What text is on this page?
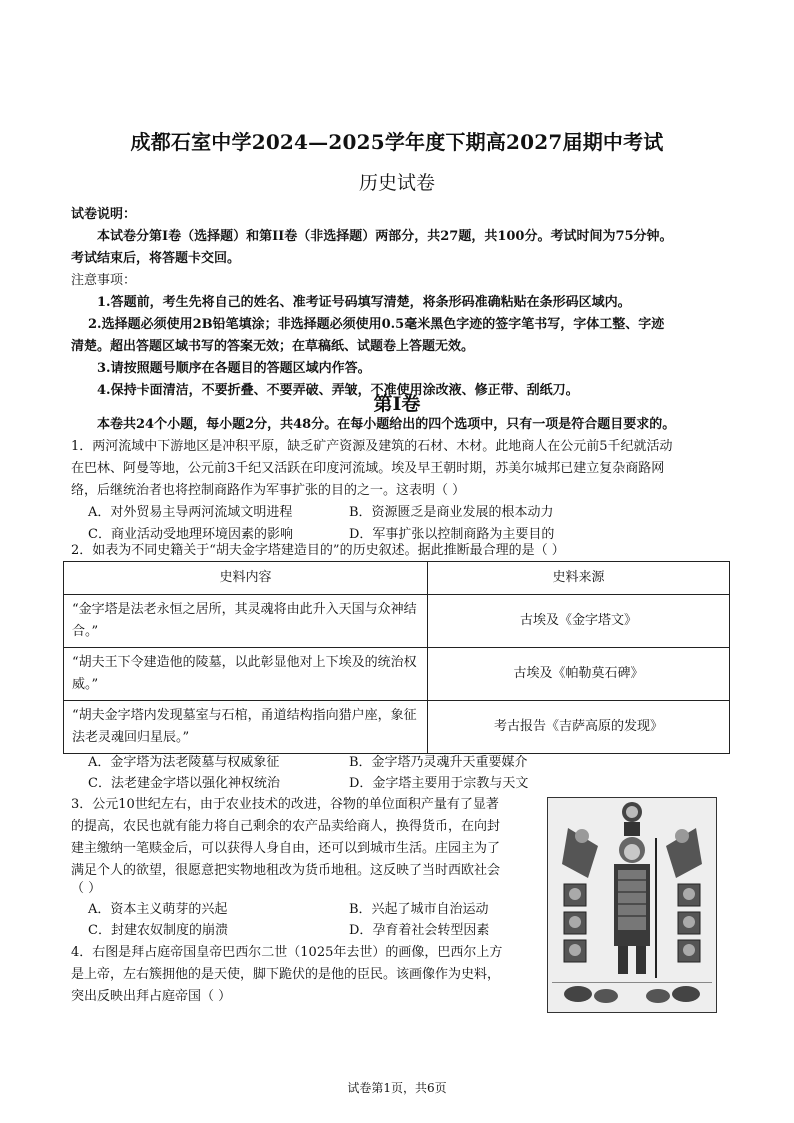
成都石室中学2024—2025学年度下期高2027届期中考试
历史试卷
试卷说明：
本试卷分第Ⅰ卷（选择题）和第II卷（非选择题）两部分，共27题，共100分。考试时间为75分钟。
考试结束后，将答题卡交回。
注意事项：
1.答题前，考生先将自己的姓名、准考证号码填写清楚，将条形码准确粘贴在条形码区域内。
2.选择题必须使用2B铅笔填涂；非选择题必须使用0.5毫米黑色字迹的签字笔书写，字体工整、字迹
清楚。超出答题区域书写的答案无效；在草稿纸、试题卷上答题无效。
3.请按照题号顺序在各题目的答题区域内作答。
4.保持卡面清洁，不要折叠、不要弄破、弄皱，不准使用涂改液、修正带、刮纸刀。
第Ⅰ卷
本卷共24个小题，每小题2分，共48分。在每小题给出的四个选项中，只有一项是符合题目要求的。
1．两河流域中下游地区是冲积平原，缺乏矿产资源及建筑的石材、木材。此地商人在公元前5千纪就活动
在巴林、阿曼等地，公元前3千纪又活跃在印度河流域。埃及早王朝时期，苏美尔城邦已建立复杂商路网
络，后继统治者也将控制商路作为军事扩张的目的之一。这表明（ ）
A．对外贸易主导两河流域文明进程	B．资源匮乏是商业发展的根本动力
C．商业活动受地理环境因素的影响	D．军事扩张以控制商路为主要目的
2．如表为不同史籍关于“胡夫金字塔建造目的”的历史叙述。据此推断最合理的是（ ）
史料内容	史料来源
“金字塔是法老永恒之居所，其灵魂将由此升入天国与众神结合。”	古埃及《金字塔文》
“胡夫王下令建造他的陵墓，以此彰显他对上下埃及的统治权威。”	古埃及《帕勒莫石碑》
“胡夫金字塔内发现墓室与石棺，甬道结构指向猎户座，象征法老灵魂回归星辰。”	考古报告《吉萨高原的发现》
A．金字塔为法老陵墓与权威象征	B．金字塔乃灵魂升天重要媒介
C．法老建金字塔以强化神权统治	D．金字塔主要用于宗教与天文
3．公元10世纪左右，由于农业技术的改进，谷物的单位面积产量有了显著
的提高，农民也就有能力将自己剩余的农产品卖给商人，换得货币，在向封
建主缴纳一笔赎金后，可以获得人身自由，还可以到城市生活。庄园主为了
满足个人的欲望，很愿意把实物地租改为货币地租。这反映了当时西欧社会
（ ）
A．资本主义萌芽的兴起	B．兴起了城市自治运动
C．封建农奴制度的崩溃	D．孕育着社会转型因素
4．右图是拜占庭帝国皇帝巴西尔二世（1025年去世）的画像，巴西尔上方
是上帝，左右簇拥他的是天使，脚下跪伏的是他的臣民。该画像作为史料，
突出反映出拜占庭帝国（ ）
试卷第1页，共6页
